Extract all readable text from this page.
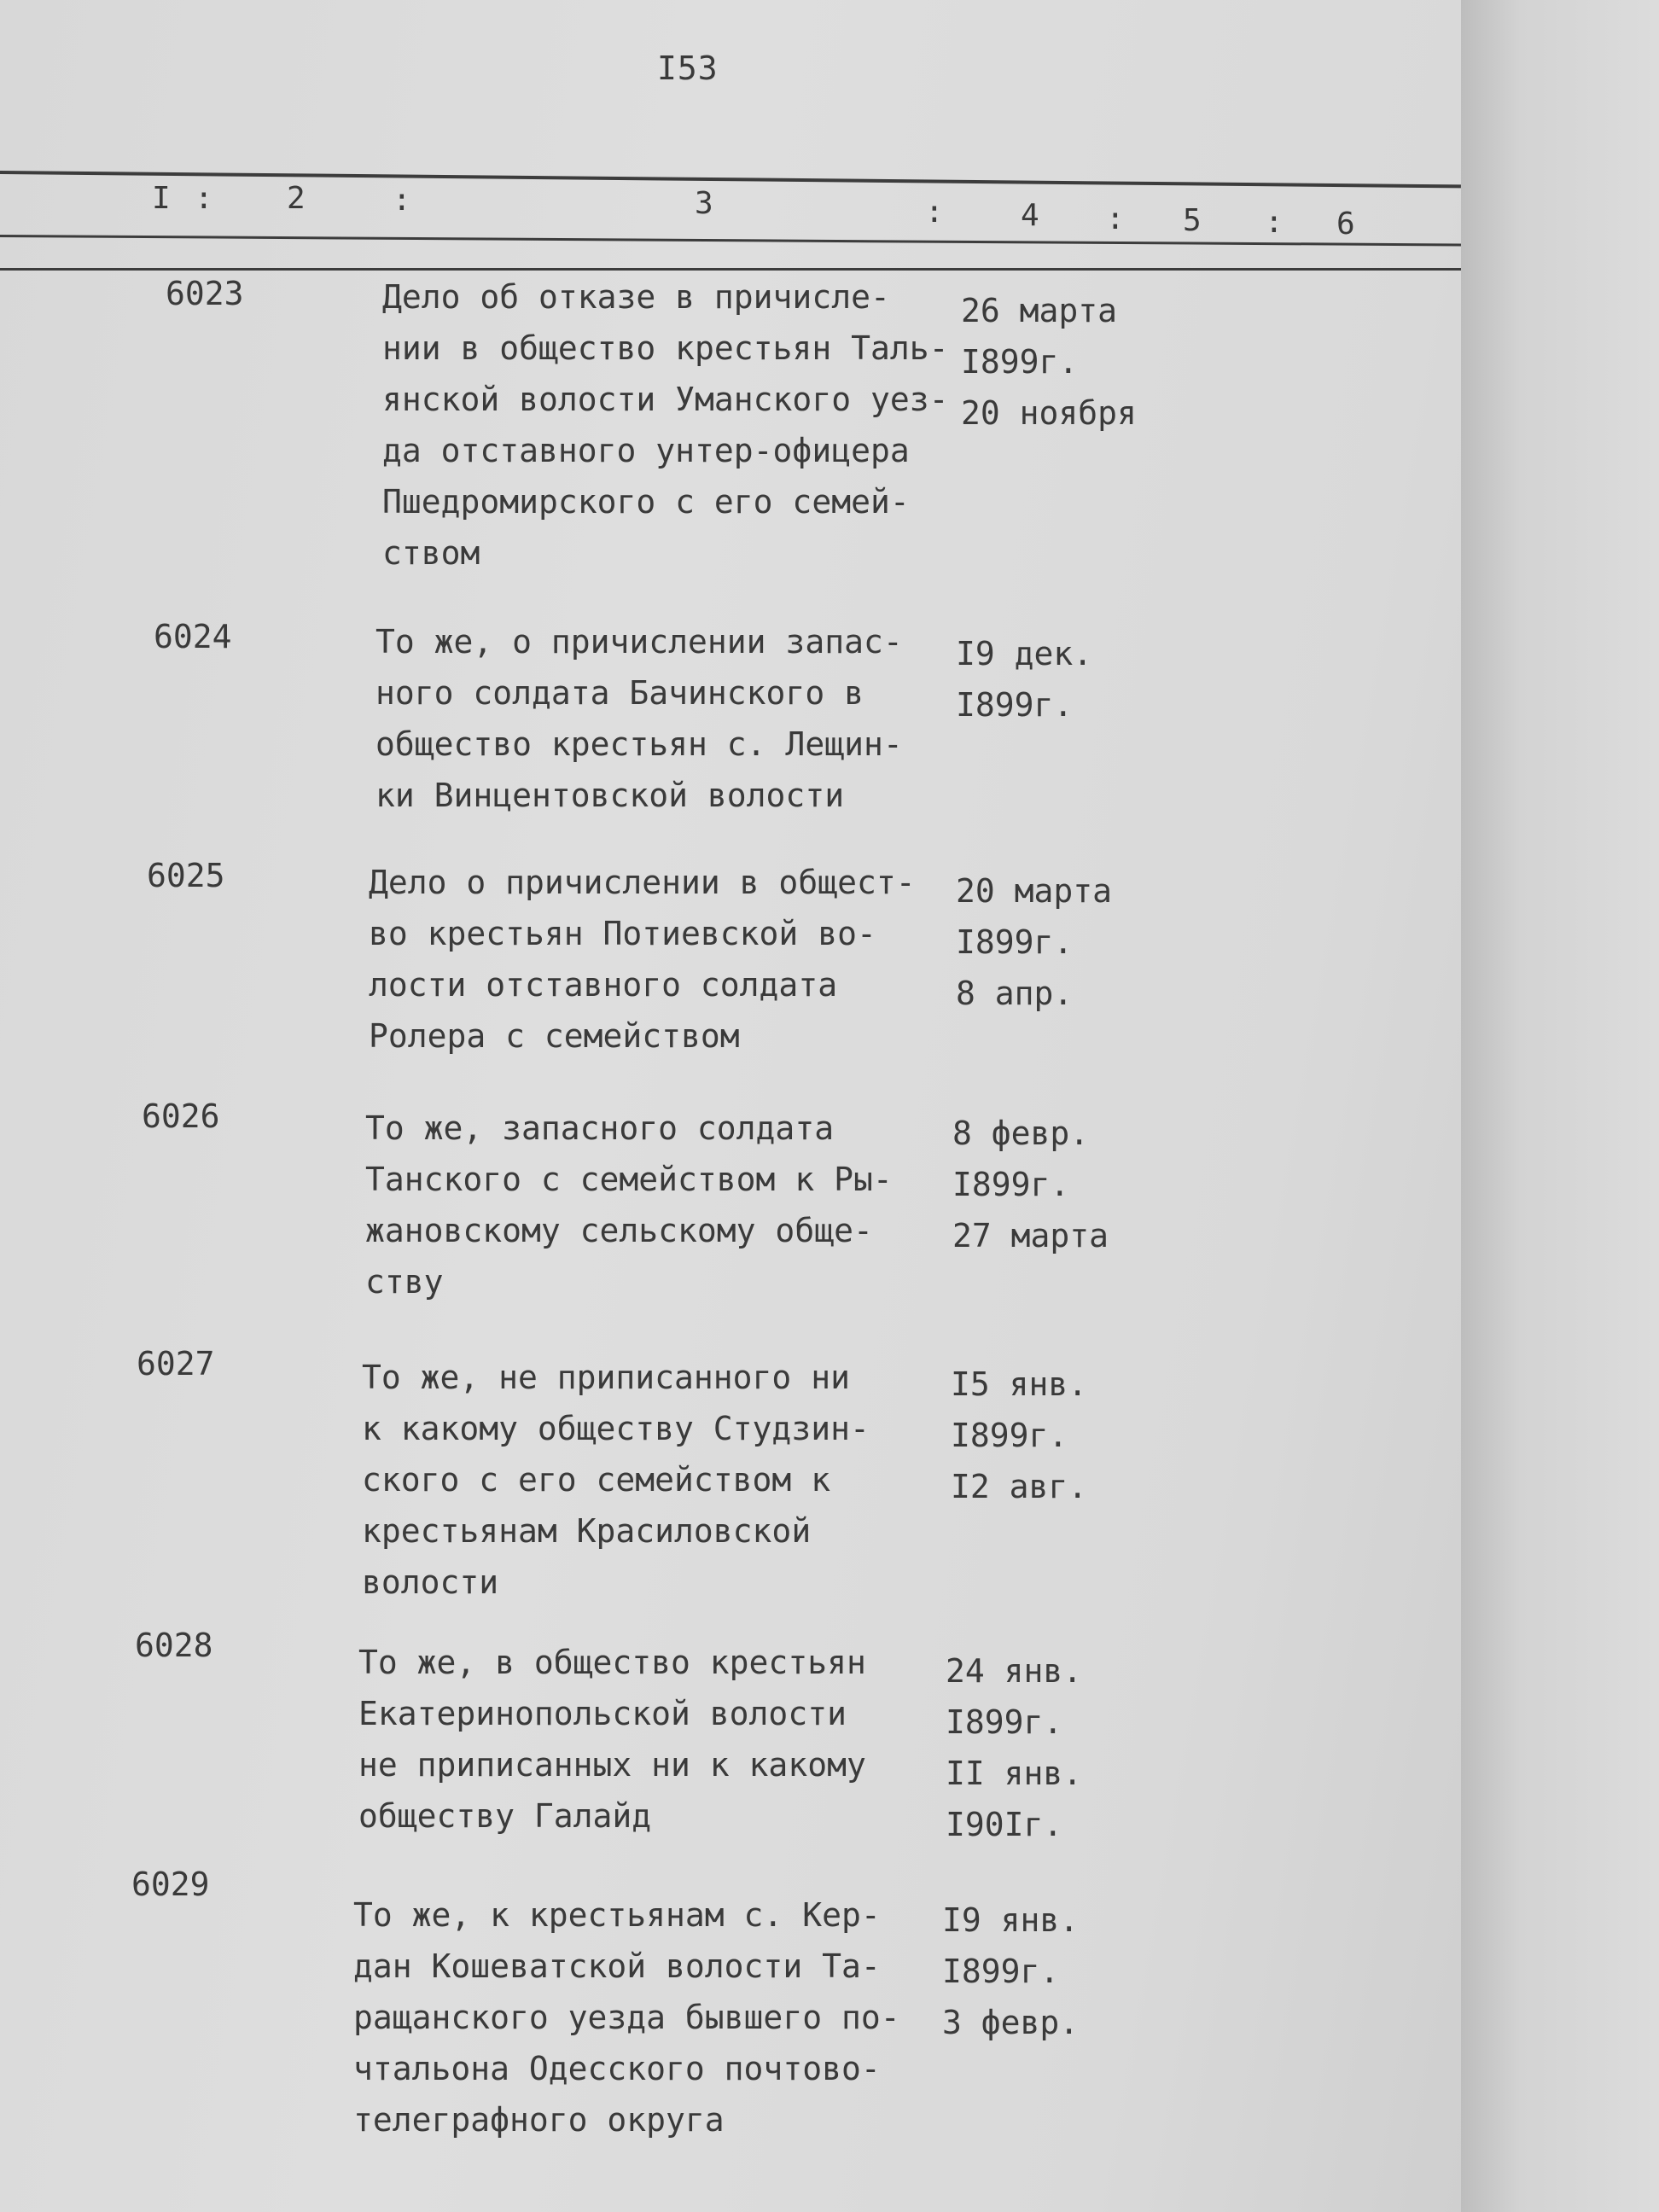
I53
I : 2	:	3	:	4 : 5 : 6
6023	Дело об отказе в причисле-
нии в общество крестьян Таль-
янской волости Уманского уез-
да отставного унтер-офицера
Пшедромирского с его семей-
ством
26 марта
I899г.
20 ноября
6024	То же, о причислении запас-
ного солдата Бачинского в
общество крестьян с. Лещин-
ки Винцентовской волости
I9 дек.
I899г.
6025	Дело о причислении в общест-
во крестьян Потиевской во-
лости отставного солдата
Ролера с семейством
20 марта
I899г.
8 апр.
6026	То же, запасного солдата
Танского с семейством к Ры-
жановскому сельскому обще-
ству
8 февр.
I899г.
27 марта
6027	То же, не приписанного ни
к какому обществу Студзин-
ского с его семейством к
крестьянам Красиловской
волости
I5 янв.
I899г.
I2 авг.
6028	То же, в общество крестьян
Екатеринопольской волости
не приписанных ни к какому
обществу Галайд
24 янв.
I899г.
II янв.
I90Iг.
6029
То же, к крестьянам с. Кер-
дан Кошеватской волости Та-
ращанского уезда бывшего по-
чтальона Одесского почтово-
телеграфного округа
I9 янв.
I899г.
3 февр.
